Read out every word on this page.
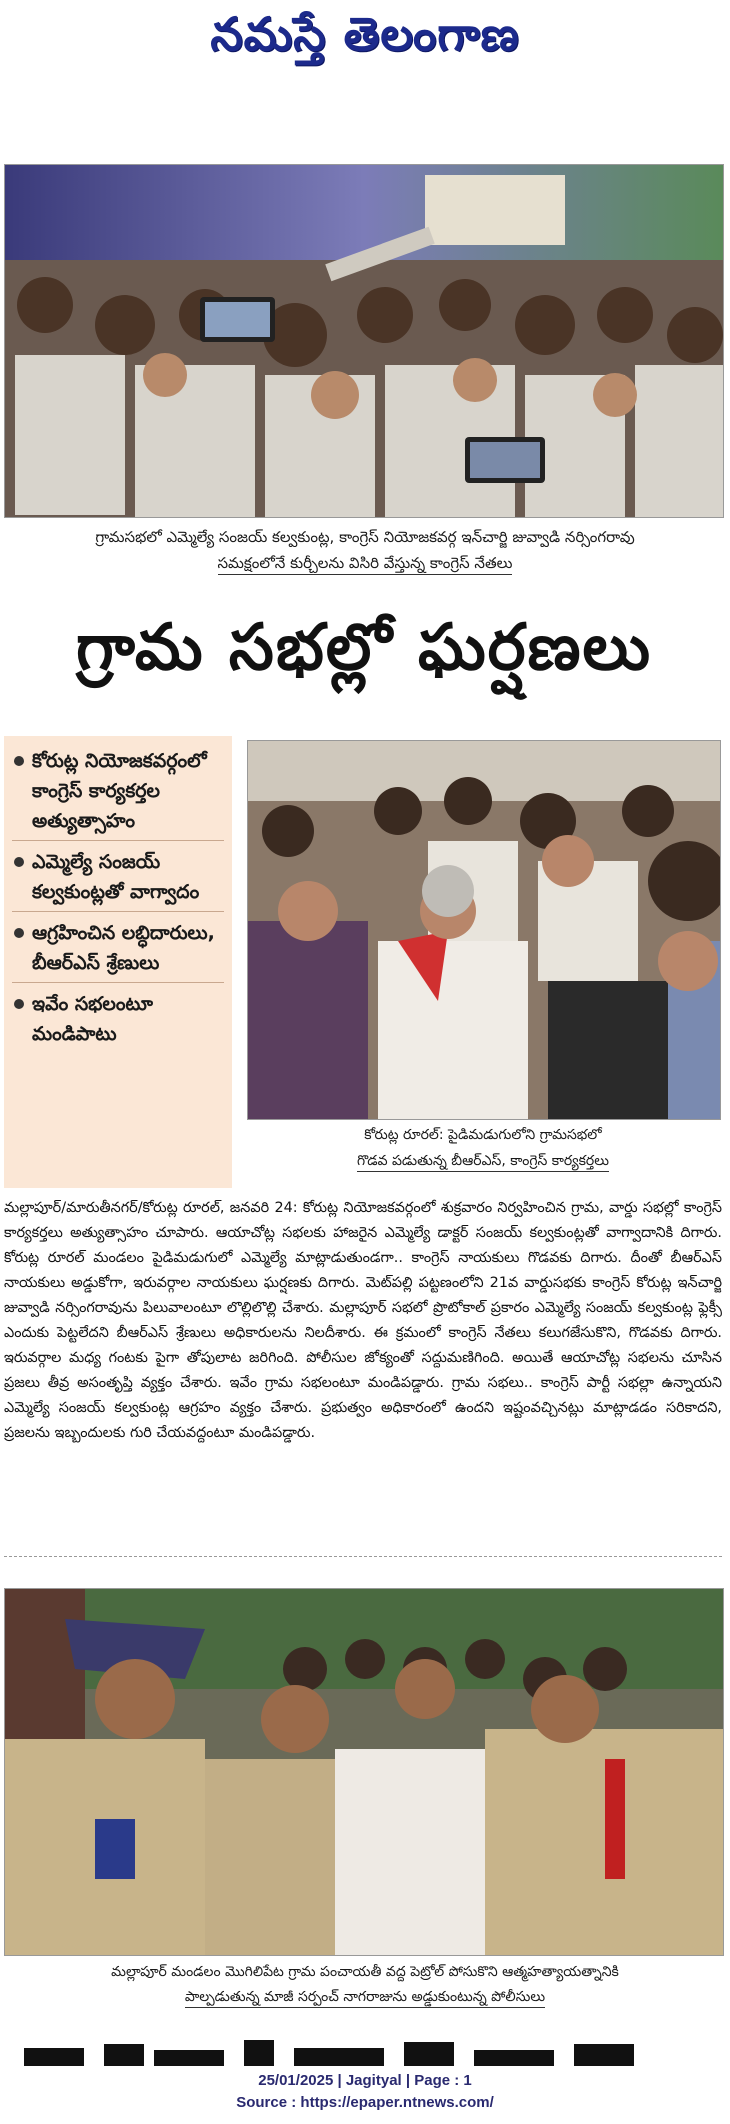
నమస్తే తెలంగాణ
గ్రామసభలో ఎమ్మెల్యే సంజయ్ కల్వకుంట్ల, కాంగ్రెస్ నియోజకవర్గ ఇన్‌చార్జి జువ్వాడి నర్సింగరావు
సమక్షంలోనే కుర్చీలను విసిరి వేస్తున్న కాంగ్రెస్ నేతలు
గ్రామ సభల్లో ఘర్షణలు
కోరుట్ల నియోజకవర్గంలో కాంగ్రెస్ కార్యకర్తల అత్యుత్సాహం
ఎమ్మెల్యే సంజయ్ కల్వకుంట్లతో వాగ్వాదం
ఆగ్రహించిన లబ్ధిదారులు, బీఆర్‌ఎస్ శ్రేణులు
ఇవేం సభలంటూ మండిపాటు
కోరుట్ల రూరల్: పైడిమడుగులోని గ్రామసభలో
గొడవ పడుతున్న బీఆర్‌ఎస్, కాంగ్రెస్ కార్యకర్తలు
మల్లాపూర్/మారుతీనగర్/కోరుట్ల రూరల్, జనవరి 24: కోరుట్ల నియోజకవర్గంలో శుక్రవారం నిర్వహించిన గ్రామ, వార్డు సభల్లో కాంగ్రెస్ కార్యకర్తలు అత్యుత్సాహం చూపారు. ఆయాచోట్ల సభలకు హాజరైన ఎమ్మెల్యే డాక్టర్ సంజయ్ కల్వకుంట్లతో వాగ్వాదానికి దిగారు. కోరుట్ల రూరల్ మండలం పైడిమడుగులో ఎమ్మెల్యే మాట్లాడుతుండగా.. కాంగ్రెస్ నాయకులు గొడవకు దిగారు. దీంతో బీఆర్‌ఎస్ నాయకులు అడ్డుకోగా, ఇరువర్గాల నాయకులు ఘర్షణకు దిగారు. మెట్‌పల్లి పట్టణంలోని 21వ వార్డుసభకు కాంగ్రెస్ కోరుట్ల ఇన్‌చార్జి జువ్వాడి నర్సింగరావును పిలువాలంటూ లొల్లిలొల్లి చేశారు. మల్లాపూర్ సభలో ప్రొటోకాల్ ప్రకారం ఎమ్మెల్యే సంజయ్ కల్వకుంట్ల ఫ్లెక్సీ ఎందుకు పెట్టలేదని బీఆర్‌ఎస్ శ్రేణులు అధికారులను నిలదీశారు. ఈ క్రమంలో కాంగ్రెస్ నేతలు కలుగజేసుకొని, గొడవకు దిగారు. ఇరువర్గాల మధ్య గంటకు పైగా తోపులాట జరిగింది. పోలీసుల జోక్యంతో సద్దుమణిగింది. అయితే ఆయాచోట్ల సభలను చూసిన ప్రజలు తీవ్ర అసంతృప్తి వ్యక్తం చేశారు. ఇవేం గ్రామ సభలంటూ మండిపడ్డారు. గ్రామ సభలు.. కాంగ్రెస్ పార్టీ సభల్లా ఉన్నాయని ఎమ్మెల్యే సంజయ్ కల్వకుంట్ల ఆగ్రహం వ్యక్తం చేశారు. ప్రభుత్వం అధికారంలో ఉందని ఇష్టంవచ్చినట్లు మాట్లాడడం సరికాదని, ప్రజలను ఇబ్బందులకు గురి చేయవద్దంటూ మండిపడ్డారు.
మల్లాపూర్ మండలం మొగిలిపేట గ్రామ పంచాయతీ వద్ద పెట్రోల్ పోసుకొని ఆత్మహత్యాయత్నానికి
పాల్పడుతున్న మాజీ సర్పంచ్ నాగరాజును అడ్డుకుంటున్న పోలీసులు
25/01/2025 | Jagityal | Page : 1
Source : https://epaper.ntnews.com/
